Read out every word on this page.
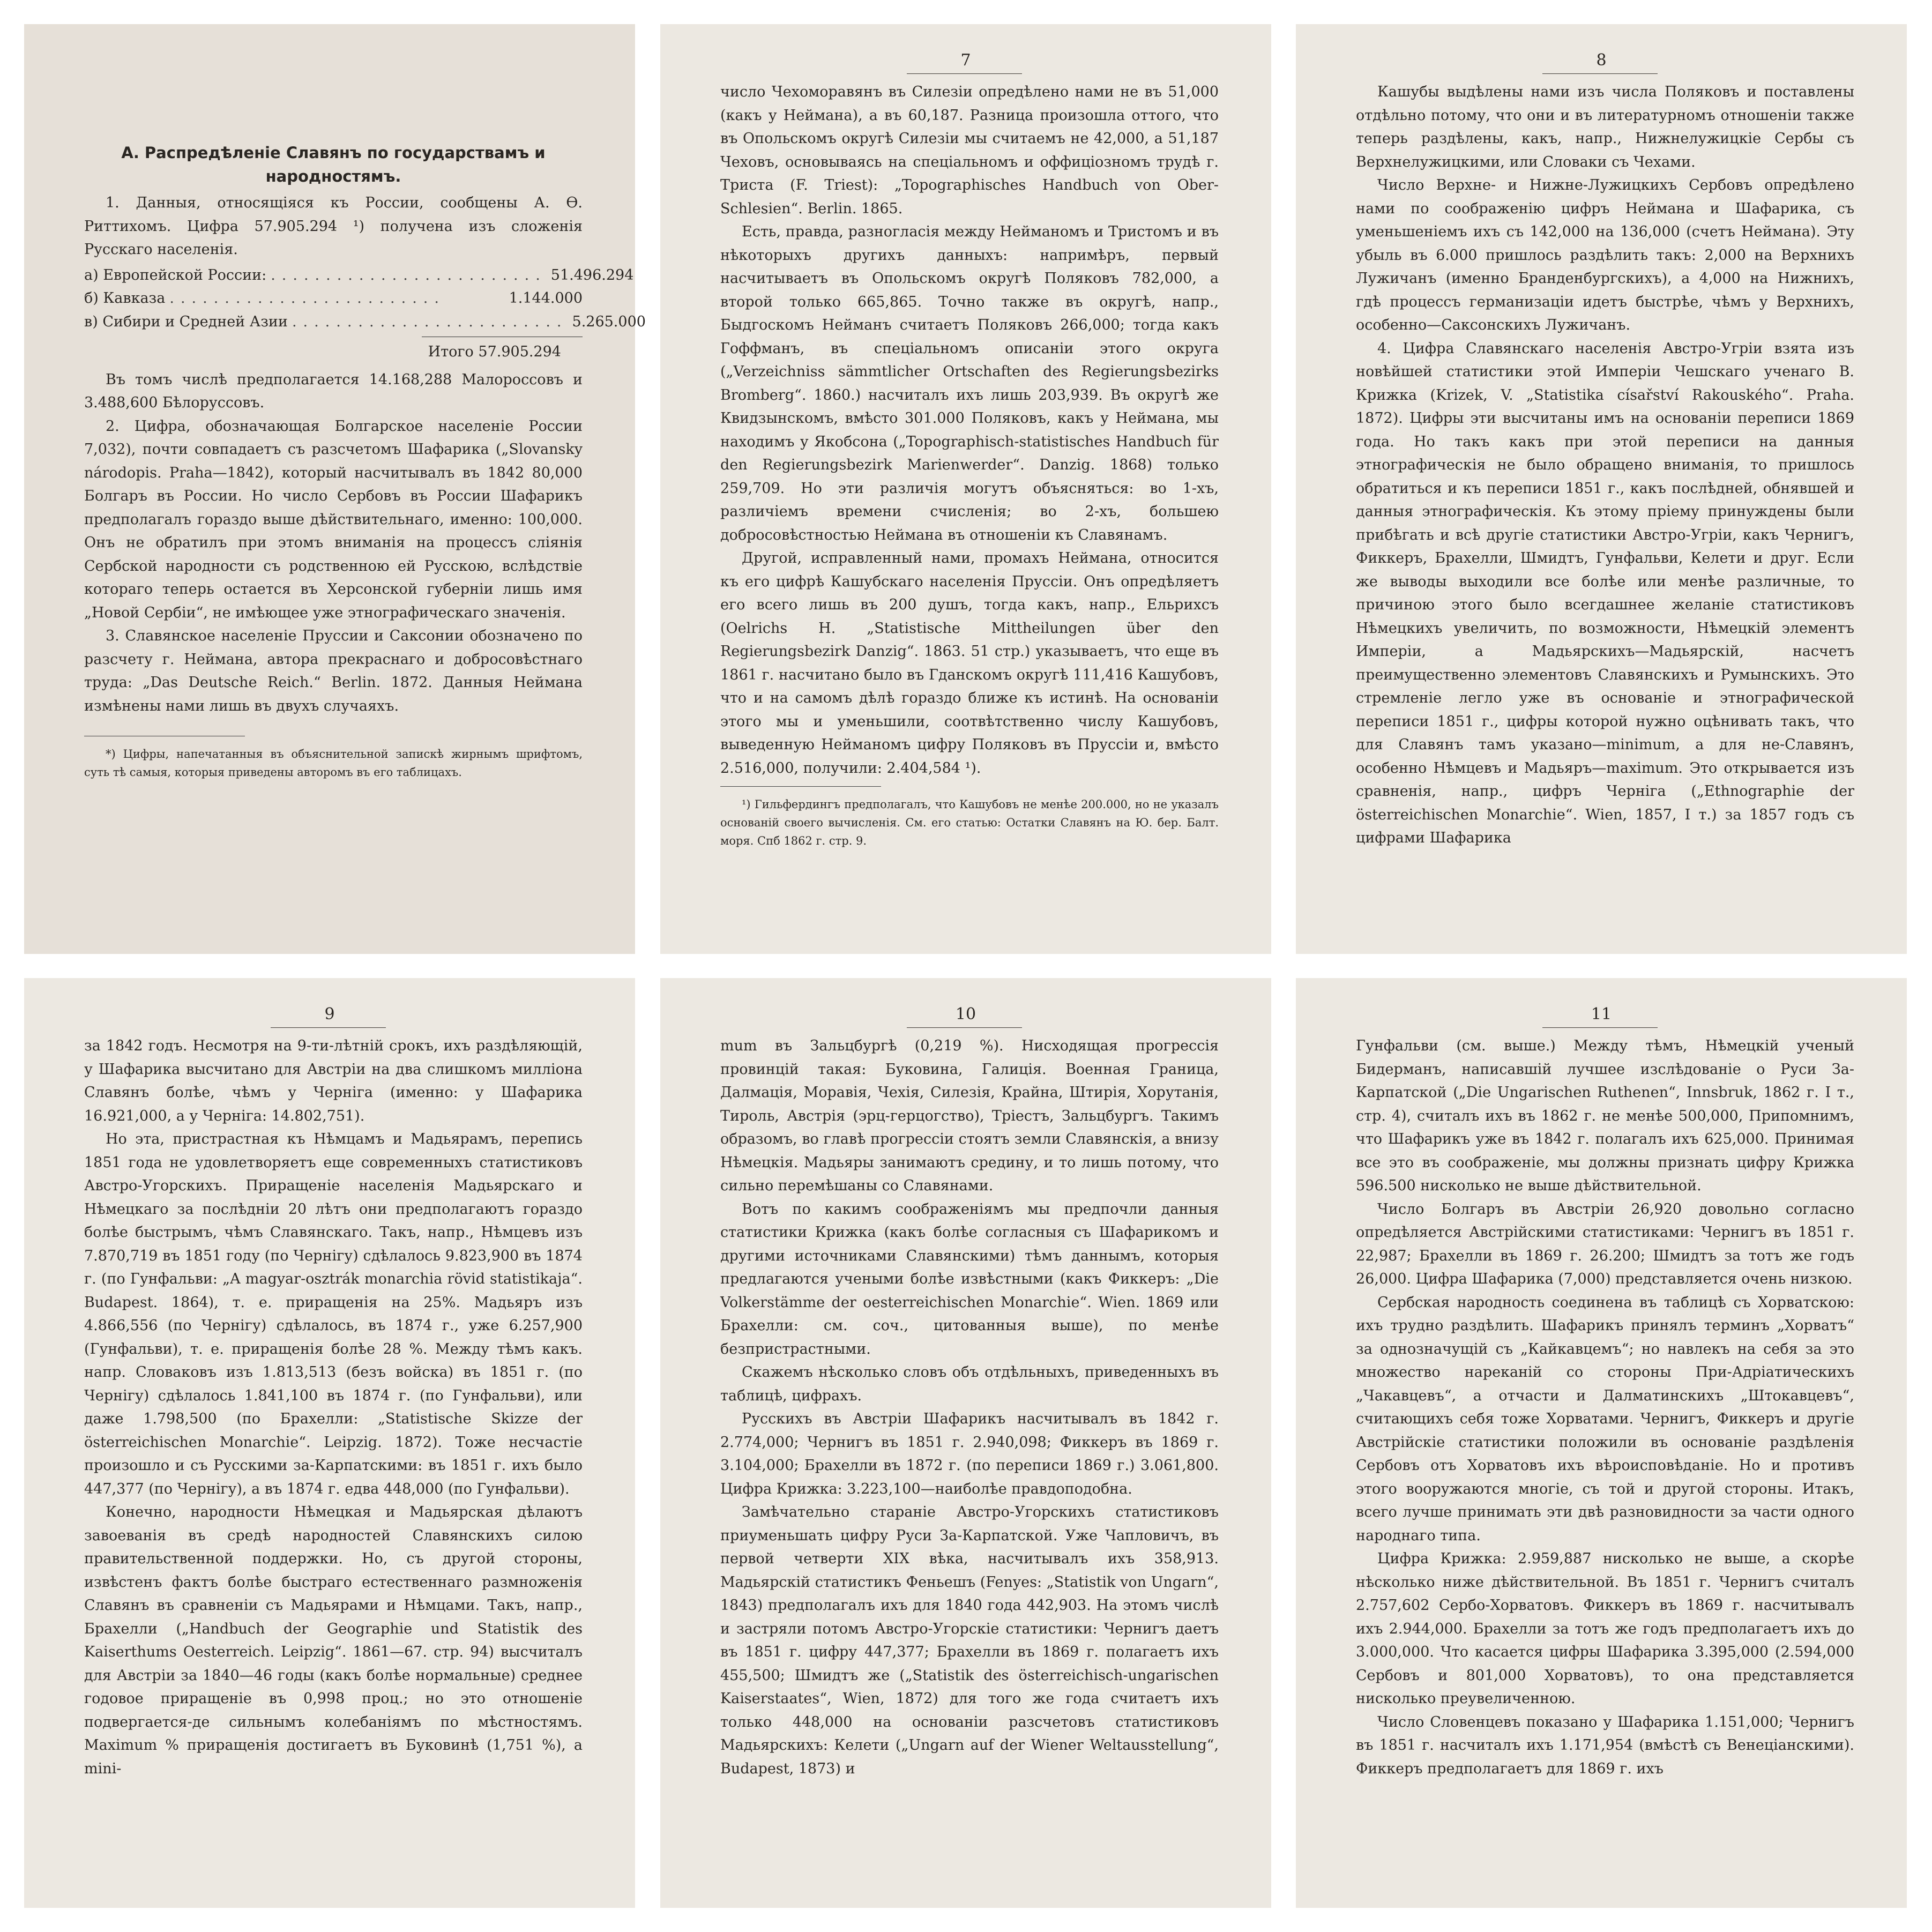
А. Распредѣленіе Славянъ по государствамъ и народностямъ.

1. Данныя, относящіяся къ России, сообщены А. Ѳ. Риттихомъ. Цифра 57.905.294 ¹) получена изъ сложенія Русскаго населенія.

а) Европейской России: ......................... 51.496.294
б) Кавказа .........................	1.144.000
в) Сибири и Средней Азии ......................... 5.265.000
Итого 57.905.294

Въ томъ числѣ предполагается 14.168,288 Малороссовъ и 3.488,600 Бѣлоруссовъ.

2. Цифра, обозначающая Болгарское населеніе России 7,032), почти совпадаетъ съ разсчетомъ Шафарика („Slovansky národopis. Praha—1842), который насчитывалъ въ 1842 80,000 Болгаръ въ России. Но число Сербовъ въ России Шафарикъ предполагалъ гораздо выше дѣйствительнаго, именно: 100,000. Онъ не обратилъ при этомъ вниманія на процессъ сліянія Сербской народности съ родственною ей Русскою, вслѣдствіе котораго теперь остается въ Херсонской губерніи лишь имя „Новой Сербіи“, не имѣющее уже этнографическаго значенія.

3. Славянское населеніе Пруссии и Саксонии обозначено по разсчету г. Неймана, автора прекраснаго и добросовѣстнаго труда: „Das Deutsche Reich.“ Berlin. 1872. Данныя Неймана измѣнены нами лишь въ двухъ случаяхъ.

*) Цифры, напечатанныя въ объяснительной запискѣ жирнымъ шрифтомъ, суть тѣ самыя, которыя приведены авторомъ въ его таблицахъ.

7

число Чехоморавянъ въ Силезіи опредѣлено нами не въ 51,000 (какъ у Неймана), а въ 60,187. Разница произошла оттого, что въ Опольскомъ округѣ Силезіи мы считаемъ не 42,000, а 51,187 Чеховъ, основываясь на спеціальномъ и оффиціозномъ трудѣ г. Триста (F. Triest): „Topographisches Handbuch von Ober-Schlesien“. Berlin. 1865.

Есть, правда, разногласія между Нейманомъ и Тристомъ и въ нѣкоторыхъ другихъ данныхъ: напримѣръ, первый насчитываетъ въ Опольскомъ округѣ Поляковъ 782,000, а второй только 665,865. Точно также въ округѣ, напр., Быдгоскомъ Нейманъ считаетъ Поляковъ 266,000; тогда какъ Гоффманъ, въ спеціальномъ описаніи этого округа („Verzeichniss sämmtlicher Ortschaften des Regierungsbezirks Bromberg“. 1860.) насчиталъ ихъ лишь 203,939. Въ округѣ же Квидзынскомъ, вмѣсто 301.000 Поляковъ, какъ у Неймана, мы находимъ у Якобсона („Topographisch-statistisches Handbuch für den Regierungsbezirk Marienwerder“. Danzig. 1868) только 259,709. Но эти различія могутъ объясняться: во 1-хъ, различіемъ времени счисленія; во 2-хъ, большею добросовѣстностью Неймана въ отношеніи къ Славянамъ.

Другой, исправленный нами, промахъ Неймана, относится къ его цифрѣ Кашубскаго населенія Пруссіи. Онъ опредѣляетъ его всего лишь въ 200 душъ, тогда какъ, напр., Ельрихсъ (Oelrichs H. „Statistische Mittheilungen über den Regierungsbezirk Danzig“. 1863. 51 стр.) указываетъ, что еще въ 1861 г. насчитано было въ Гданскомъ округѣ 111,416 Кашубовъ, что и на самомъ дѣлѣ гораздо ближе къ истинѣ. На основаніи этого мы и уменьшили, соотвѣтственно числу Кашубовъ, выведенную Нейманомъ цифру Поляковъ въ Пруссіи и, вмѣсто 2.516,000, получили: 2.404,584 ¹).

¹) Гильфердингъ предполагалъ, что Кашубовъ не менѣе 200.000, но не указалъ основаній своего вычисленія. См. его статью: Остатки Славянъ на Ю. бер. Балт. моря. Спб 1862 г. стр. 9.

8

Кашубы выдѣлены нами изъ числа Поляковъ и поставлены отдѣльно потому, что они и въ литературномъ отношеніи также теперь раздѣлены, какъ, напр., Нижнелужицкіе Сербы съ Верхнелужицкими, или Словаки съ Чехами.

Число Верхне- и Нижне-Лужицкихъ Сербовъ опредѣлено нами по соображенію цифръ Неймана и Шафарика, съ уменьшеніемъ ихъ съ 142,000 на 136,000 (счетъ Неймана). Эту убыль въ 6.000 пришлось раздѣлить такъ: 2,000 на Верхнихъ Лужичанъ (именно Бранденбургскихъ), а 4,000 на Нижнихъ, гдѣ процессъ германизаціи идетъ быстрѣе, чѣмъ у Верхнихъ, особенно—Саксонскихъ Лужичанъ.

4. Цифра Славянскаго населенія Австро-Угріи взята изъ новѣйшей статистики этой Имперіи Чешскаго ученаго В. Крижка (Krizek, V. „Statistika císařství Rakouského“. Praha. 1872). Цифры эти высчитаны имъ на основаніи переписи 1869 года. Но такъ какъ при этой переписи на данныя этнографическія не было обращено вниманія, то пришлось обратиться и къ переписи 1851 г., какъ послѣдней, обнявшей и данныя этнографическія. Къ этому пріему принуждены были прибѣгать и всѣ другіе статистики Австро-Угріи, какъ Чернигъ, Фиккеръ, Брахелли, Шмидтъ, Гунфальви, Келети и друг. Если же выводы выходили все болѣе или менѣе различные, то причиною этого было всегдашнее желаніе статистиковъ Нѣмецкихъ увеличить, по возможности, Нѣмецкій элементъ Имперіи, а Мадьярскихъ—Мадьярскій, насчетъ преимущественно элементовъ Славянскихъ и Румынскихъ. Это стремленіе легло уже въ основаніе и этнографической переписи 1851 г., цифры которой нужно оцѣнивать такъ, что для Славянъ тамъ указано—minimum, а для не-Славянъ, особенно Нѣмцевъ и Мадьяръ—maximum. Это открывается изъ сравненія, напр., цифръ Черніга („Ethnographie der österreichischen Monarchie“. Wien, 1857, I т.) за 1857 годъ съ цифрами Шафарика

9

за 1842 годъ. Несмотря на 9-ти-лѣтній срокъ, ихъ раздѣляющій, у Шафарика высчитано для Австріи на два слишкомъ милліона Славянъ болѣе, чѣмъ у Черніга (именно: у Шафарика 16.921,000, а у Черніга: 14.802,751).

Но эта, пристрастная къ Нѣмцамъ и Мадьярамъ, перепись 1851 года не удовлетворяетъ еще современныхъ статистиковъ Австро-Угорскихъ. Приращеніе населенія Мадьярскаго и Нѣмецкаго за послѣдніи 20 лѣтъ они предполагаютъ гораздо болѣе быстрымъ, чѣмъ Славянскаго. Такъ, напр., Нѣмцевъ изъ 7.870,719 въ 1851 году (по Чернігу) сдѣлалось 9.823,900 въ 1874 г. (по Гунфальви: „A magyar-osztrák monarchia rövid statistikaja“. Budapest. 1864), т. е. приращенія на 25%. Мадьяръ изъ 4.866,556 (по Чернігу) сдѣлалось, въ 1874 г., уже 6.257,900 (Гунфальви), т. е. приращенія болѣе 28 %. Между тѣмъ какъ. напр. Словаковъ изъ 1.813,513 (безъ войска) въ 1851 г. (по Чернігу) сдѣлалось 1.841,100 въ 1874 г. (по Гунфальви), или даже 1.798,500 (по Брахелли: „Statistische Skizze der österreichischen Monarchie“. Leipzig. 1872). Тоже несчастіе произошло и съ Русскими за-Карпатскими: въ 1851 г. ихъ было 447,377 (по Чернігу), а въ 1874 г. едва 448,000 (по Гунфальви).

Конечно, народности Нѣмецкая и Мадьярская дѣлаютъ завоеванія въ средѣ народностей Славянскихъ силою правительственной поддержки. Но, съ другой стороны, извѣстенъ фактъ болѣе быстраго естественнаго размноженія Славянъ въ сравненіи съ Мадьярами и Нѣмцами. Такъ, напр., Брахелли („Handbuch der Geographie und Statistik des Kaiserthums Oesterreich. Leipzig“. 1861—67. стр. 94) высчиталъ для Австріи за 1840—46 годы (какъ болѣе нормальные) среднее годовое приращеніе въ 0,998 проц.; но это отношеніе подвергается-де сильнымъ колебаніямъ по мѣстностямъ. Maximum % приращенія достигаетъ въ Буковинѣ (1,751 %), а mini-

10

mum въ Зальцбургѣ (0,219 %). Нисходящая прогрессія провинцій такая: Буковина, Галиція. Военная Граница, Далмація, Моравія, Чехія, Силезія, Крайна, Штирія, Хорутанія, Тироль, Австрія (эрц-герцогство), Тріестъ, Зальцбургъ. Такимъ образомъ, во главѣ прогрессіи стоятъ земли Славянскія, а внизу Нѣмецкія. Мадьяры занимаютъ средину, и то лишь потому, что сильно перемѣшаны со Славянами.

Вотъ по какимъ соображеніямъ мы предпочли данныя статистики Крижка (какъ болѣе согласныя съ Шафарикомъ и другими источниками Славянскими) тѣмъ даннымъ, которыя предлагаются учеными болѣе извѣстными (какъ Фиккеръ: „Die Volkerstämme der oesterreichischen Monarchie“. Wien. 1869 или Брахелли: см. соч., цитованныя выше), по менѣе безпристрастными.

Скажемъ нѣсколько словъ объ отдѣльныхъ, приведенныхъ въ таблицѣ, цифрахъ.

Русскихъ въ Австріи Шафарикъ насчитывалъ въ 1842 г. 2.774,000; Чернигъ въ 1851 г. 2.940,098; Фиккеръ въ 1869 г. 3.104,000; Брахелли въ 1872 г. (по переписи 1869 г.) 3.061,800. Цифра Крижка: 3.223,100—наиболѣе правдоподобна.

Замѣчательно стараніе Австро-Угорскихъ статистиковъ приуменьшать цифру Руси За-Карпатской. Уже Чапловичъ, въ первой четверти XIX вѣка, насчитывалъ ихъ 358,913. Мадьярскій статистикъ Феньешъ (Fenyes: „Statistik von Ungarn“, 1843) предполагалъ ихъ для 1840 года 442,903. На этомъ числѣ и застряли потомъ Австро-Угорскіе статистики: Чернигъ даетъ въ 1851 г. цифру 447,377; Брахелли въ 1869 г. полагаетъ ихъ 455,500; Шмидтъ же („Statistik des österreichisch-ungarischen Kaiserstaates“, Wien, 1872) для того же года считаетъ ихъ только 448,000 на основаніи разсчетовъ статистиковъ Мадьярскихъ: Келети („Ungarn auf der Wiener Weltausstellung“, Budapest, 1873) и

11

Гунфальви (см. выше.) Между тѣмъ, Нѣмецкій ученый Бидерманъ, написавшій лучшее изслѣдованіе о Руси За-Карпатской („Die Ungarischen Ruthenen“, Innsbruk, 1862 г. I т., стр. 4), считалъ ихъ въ 1862 г. не менѣе 500,000, Припомнимъ, что Шафарикъ уже въ 1842 г. полагалъ ихъ 625,000. Принимая все это въ соображеніе, мы должны признать цифру Крижка 596.500 нисколько не выше дѣйствительной.

Число Болгаръ въ Австріи 26,920 довольно согласно опредѣляется Австрійскими статистиками: Чернигъ въ 1851 г. 22,987; Брахелли въ 1869 г. 26.200; Шмидтъ за тотъ же годъ 26,000. Цифра Шафарика (7,000) представляется очень низкою.

Сербская народность соединена въ таблицѣ съ Хорватскою: ихъ трудно раздѣлить. Шафарикъ принялъ терминъ „Хорватъ“ за однозначущій съ „Кайкавцемъ“; но навлекъ на себя за это множество нареканій со стороны При-Адріатическихъ „Чакавцевъ“, а отчасти и Далматинскихъ „Штокавцевъ“, считающихъ себя тоже Хорватами. Чернигъ, Фиккеръ и другіе Австрійскіе статистики положили въ основаніе раздѣленія Сербовъ отъ Хорватовъ ихъ вѣроисповѣданіе. Но и противъ этого вооружаются многіе, съ той и другой стороны. Итакъ, всего лучше принимать эти двѣ разновидности за части одного народнаго типа.

Цифра Крижка: 2.959,887 нисколько не выше, а скорѣе нѣсколько ниже дѣйствительной. Въ 1851 г. Чернигъ считалъ 2.757,602 Сербо-Хорватовъ. Фиккеръ въ 1869 г. насчитывалъ ихъ 2.944,000. Брахелли за тотъ же годъ предполагаетъ ихъ до 3.000,000. Что касается цифры Шафарика 3.395,000 (2.594,000 Сербовъ и 801,000 Хорватовъ), то она представляется нисколько преувеличенною.

Число Словенцевъ показано у Шафарика 1.151,000; Чернигъ въ 1851 г. насчиталъ ихъ 1.171,954 (вмѣстѣ съ Венеціанскими). Фиккеръ предполагаетъ для 1869 г. ихъ
